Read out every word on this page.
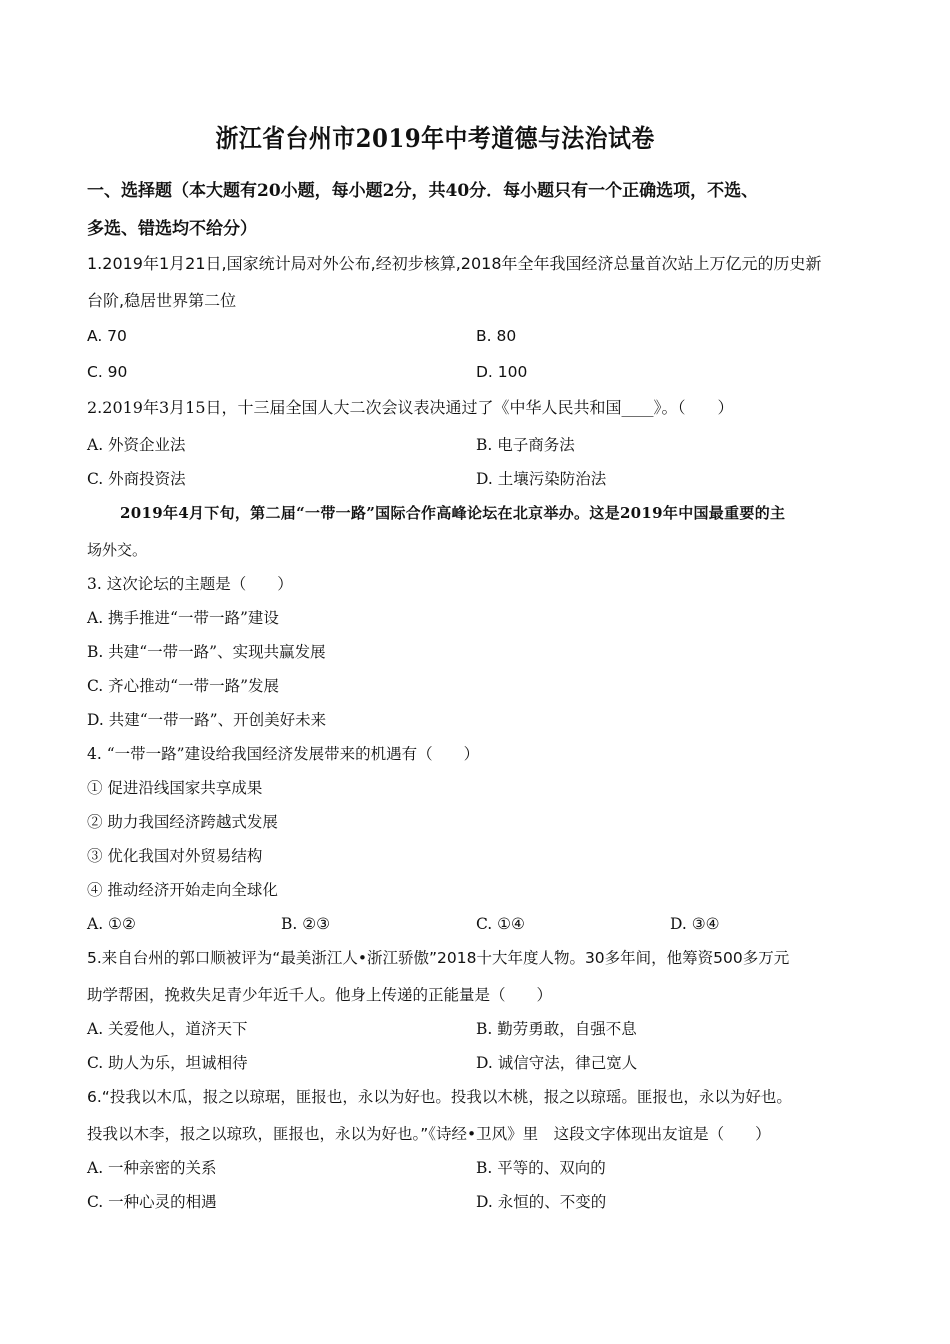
浙江省台州市2019年中考道德与法治试卷
一、选择题（本大题有20小题，每小题2分，共40分．每小题只有一个正确选项，不选、
多选、错选均不给分）
1.2019年1月21日,国家统计局对外公布,经初步核算,2018年全年我国经济总量首次站上万亿元的历史新
台阶,稳居世界第二位
A. 70	B. 80
C. 90	D. 100
2.2019年3月15日，十三届全国人大二次会议表决通过了《中华人民共和国____》。（　　）
A. 外资企业法	B. 电子商务法
C. 外商投资法	D. 土壤污染防治法
2019年4月下旬，第二届“一带一路”国际合作高峰论坛在北京举办。这是2019年中国最重要的主
场外交。
3. 这次论坛的主题是（　　）
A. 携手推进“一带一路”建设
B. 共建“一带一路”、实现共赢发展
C. 齐心推动“一带一路”发展
D. 共建“一带一路”、开创美好未来
4. “一带一路”建设给我国经济发展带来的机遇有（　　）
① 促进沿线国家共享成果
② 助力我国经济跨越式发展
③ 优化我国对外贸易结构
④ 推动经济开始走向全球化
A. ①②	B. ②③	C. ①④	D. ③④
5.来自台州的郭口顺被评为“最美浙江人•浙江骄傲”2018十大年度人物。30多年间，他筹资500多万元
助学帮困，挽救失足青少年近千人。他身上传递的正能量是（　　）
A. 关爱他人，道济天下	B. 勤劳勇敢，自强不息
C. 助人为乐，坦诚相待	D. 诚信守法，律己宽人
6.“投我以木瓜，报之以琼琚，匪报也，永以为好也。投我以木桃，报之以琼瑶。匪报也，永以为好也。
投我以木李，报之以琼玖，匪报也，永以为好也。”《诗经•卫风》里　这段文字体现出友谊是（　　）
A. 一种亲密的关系	B. 平等的、双向的
C. 一种心灵的相遇	D. 永恒的、不变的
